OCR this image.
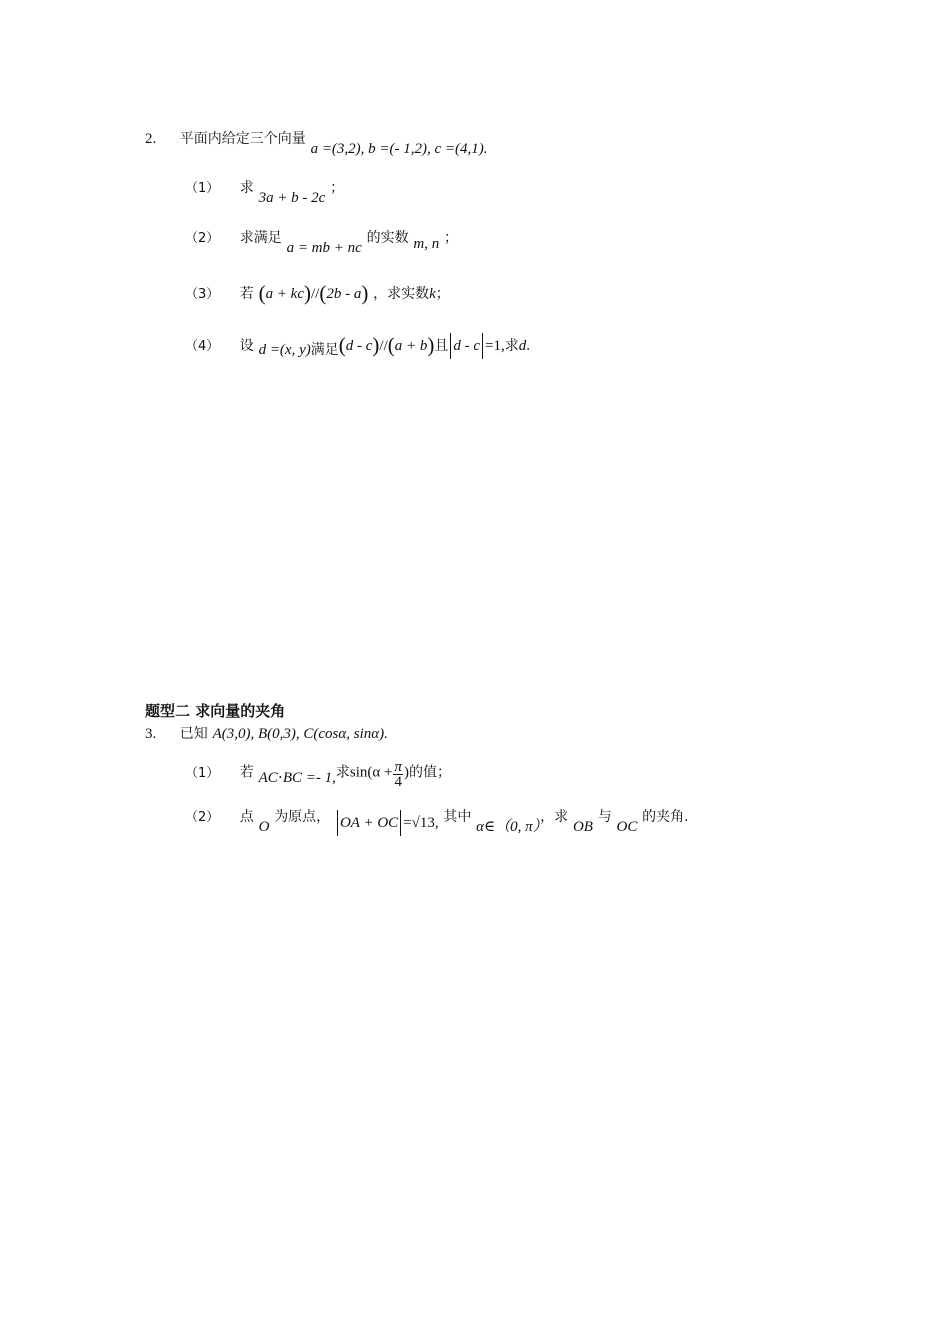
2. 平面内给定三个向量 a =(3,2), b =(- 1,2), c =(4,1).
（1） 求 3a + b - 2c ；
（2） 求满足 a = mb + nc 的实数 m, n ；
（3） 若 (a + kc)//(2b - a) ，求实数k；
（4） 设 d =(x, y)满足(d - c)//(a + b)且 d - c =1,求d.
题型二 求向量的夹角
3. 已知 A(3,0), B(0,3), C(cosα, sinα).
（1） 若 AC⋅BC =- 1,求$\sin(\alpha + \frac{\pi}{4}$ )的值；
（2） 点 O 为原点， OA + OC =√13, 其中 α∈（0, π），求 OB 与 OC 的夹角.
